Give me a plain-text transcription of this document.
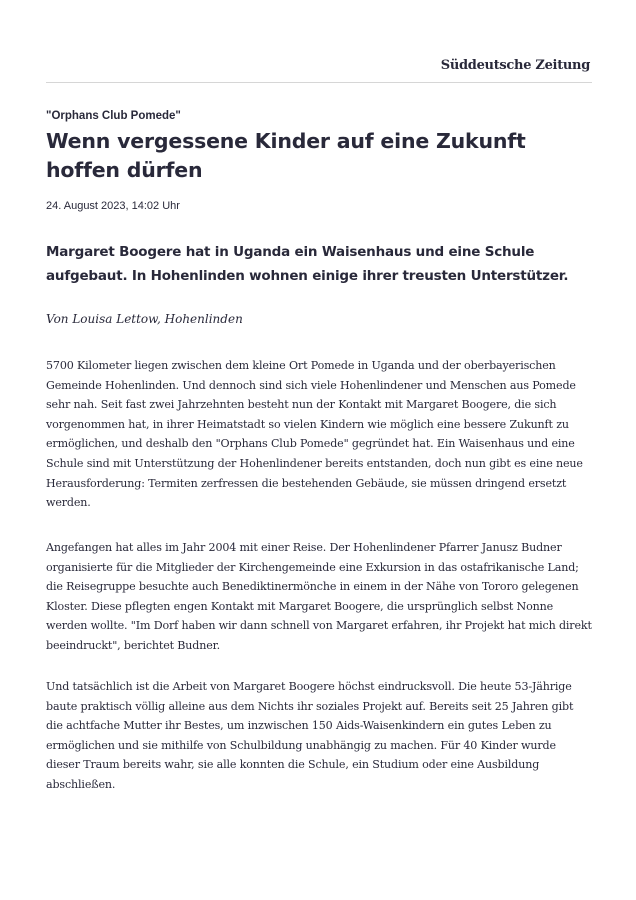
Süddeutsche Zeitung
"Orphans Club Pomede"
Wenn vergessene Kinder auf eine Zukunft hoffen dürfen
24. August 2023, 14:02 Uhr

Margaret Boogere hat in Uganda ein Waisenhaus und eine Schule aufgebaut. In Hohenlinden wohnen einige ihrer treusten Unterstützer.

Von Louisa Lettow, Hohenlinden

5700 Kilometer liegen zwischen dem kleine Ort Pomede in Uganda und der oberbayerischen Gemeinde Hohenlinden. Und dennoch sind sich viele Hohenlindener und Menschen aus Pomede sehr nah. Seit fast zwei Jahrzehnten besteht nun der Kontakt mit Margaret Boogere, die sich vorgenommen hat, in ihrer Heimatstadt so vielen Kindern wie möglich eine bessere Zukunft zu ermöglichen, und deshalb den "Orphans Club Pomede" gegründet hat. Ein Waisenhaus und eine Schule sind mit Unterstützung der Hohenlindener bereits entstanden, doch nun gibt es eine neue Herausforderung: Termiten zerfressen die bestehenden Gebäude, sie müssen dringend ersetzt werden.

Angefangen hat alles im Jahr 2004 mit einer Reise. Der Hohenlindener Pfarrer Janusz Budner organisierte für die Mitglieder der Kirchengemeinde eine Exkursion in das ostafrikanische Land; die Reisegruppe besuchte auch Benediktinermönche in einem in der Nähe von Tororo gelegenen Kloster. Diese pflegten engen Kontakt mit Margaret Boogere, die ursprünglich selbst Nonne werden wollte. "Im Dorf haben wir dann schnell von Margaret erfahren, ihr Projekt hat mich direkt beeindruckt", berichtet Budner.

Und tatsächlich ist die Arbeit von Margaret Boogere höchst eindrucksvoll. Die heute 53-Jährige baute praktisch völlig alleine aus dem Nichts ihr soziales Projekt auf. Bereits seit 25 Jahren gibt die achtfache Mutter ihr Bestes, um inzwischen 150 Aids-Waisenkindern ein gutes Leben zu ermöglichen und sie mithilfe von Schulbildung unabhängig zu machen. Für 40 Kinder wurde dieser Traum bereits wahr, sie alle konnten die Schule, ein Studium oder eine Ausbildung abschließen.
